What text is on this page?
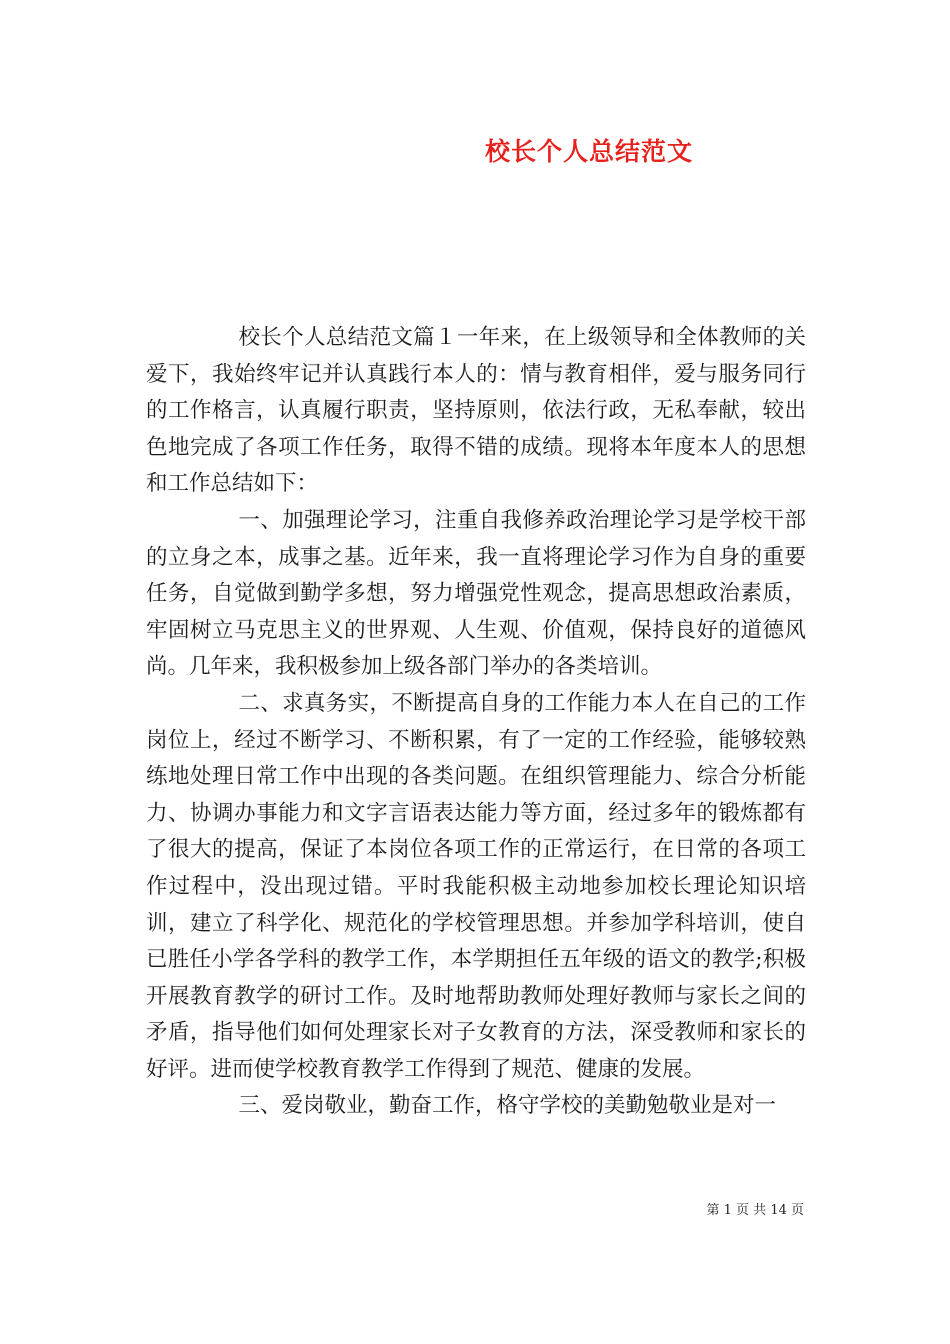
校长个人总结范文

校长个人总结范文篇１一年来，在上级领导和全体教师的关爱下，我始终牢记并认真践行本人的：情与教育相伴，爱与服务同行的工作格言，认真履行职责，坚持原则，依法行政，无私奉献，较出色地完成了各项工作任务，取得不错的成绩。现将本年度本人的思想和工作总结如下：

一、加强理论学习，注重自我修养政治理论学习是学校干部的立身之本，成事之基。近年来，我一直将理论学习作为自身的重要任务，自觉做到勤学多想，努力增强党性观念，提高思想政治素质，牢固树立马克思主义的世界观、人生观、价值观，保持良好的道德风尚。几年来，我积极参加上级各部门举办的各类培训。

二、求真务实，不断提高自身的工作能力本人在自己的工作岗位上，经过不断学习、不断积累，有了一定的工作经验，能够较熟练地处理日常工作中出现的各类问题。在组织管理能力、综合分析能力、协调办事能力和文字言语表达能力等方面，经过多年的锻炼都有了很大的提高，保证了本岗位各项工作的正常运行，在日常的各项工作过程中，没出现过错。平时我能积极主动地参加校长理论知识培训，建立了科学化、规范化的学校管理思想。并参加学科培训，使自已胜任小学各学科的教学工作，本学期担任五年级的语文的教学;积极开展教育教学的研讨工作。及时地帮助教师处理好教师与家长之间的矛盾，指导他们如何处理家长对子女教育的方法，深受教师和家长的好评。进而使学校教育教学工作得到了规范、健康的发展。

三、爱岗敬业，勤奋工作，格守学校的美勤勉敬业是对一

第 1 页 共 14 页
